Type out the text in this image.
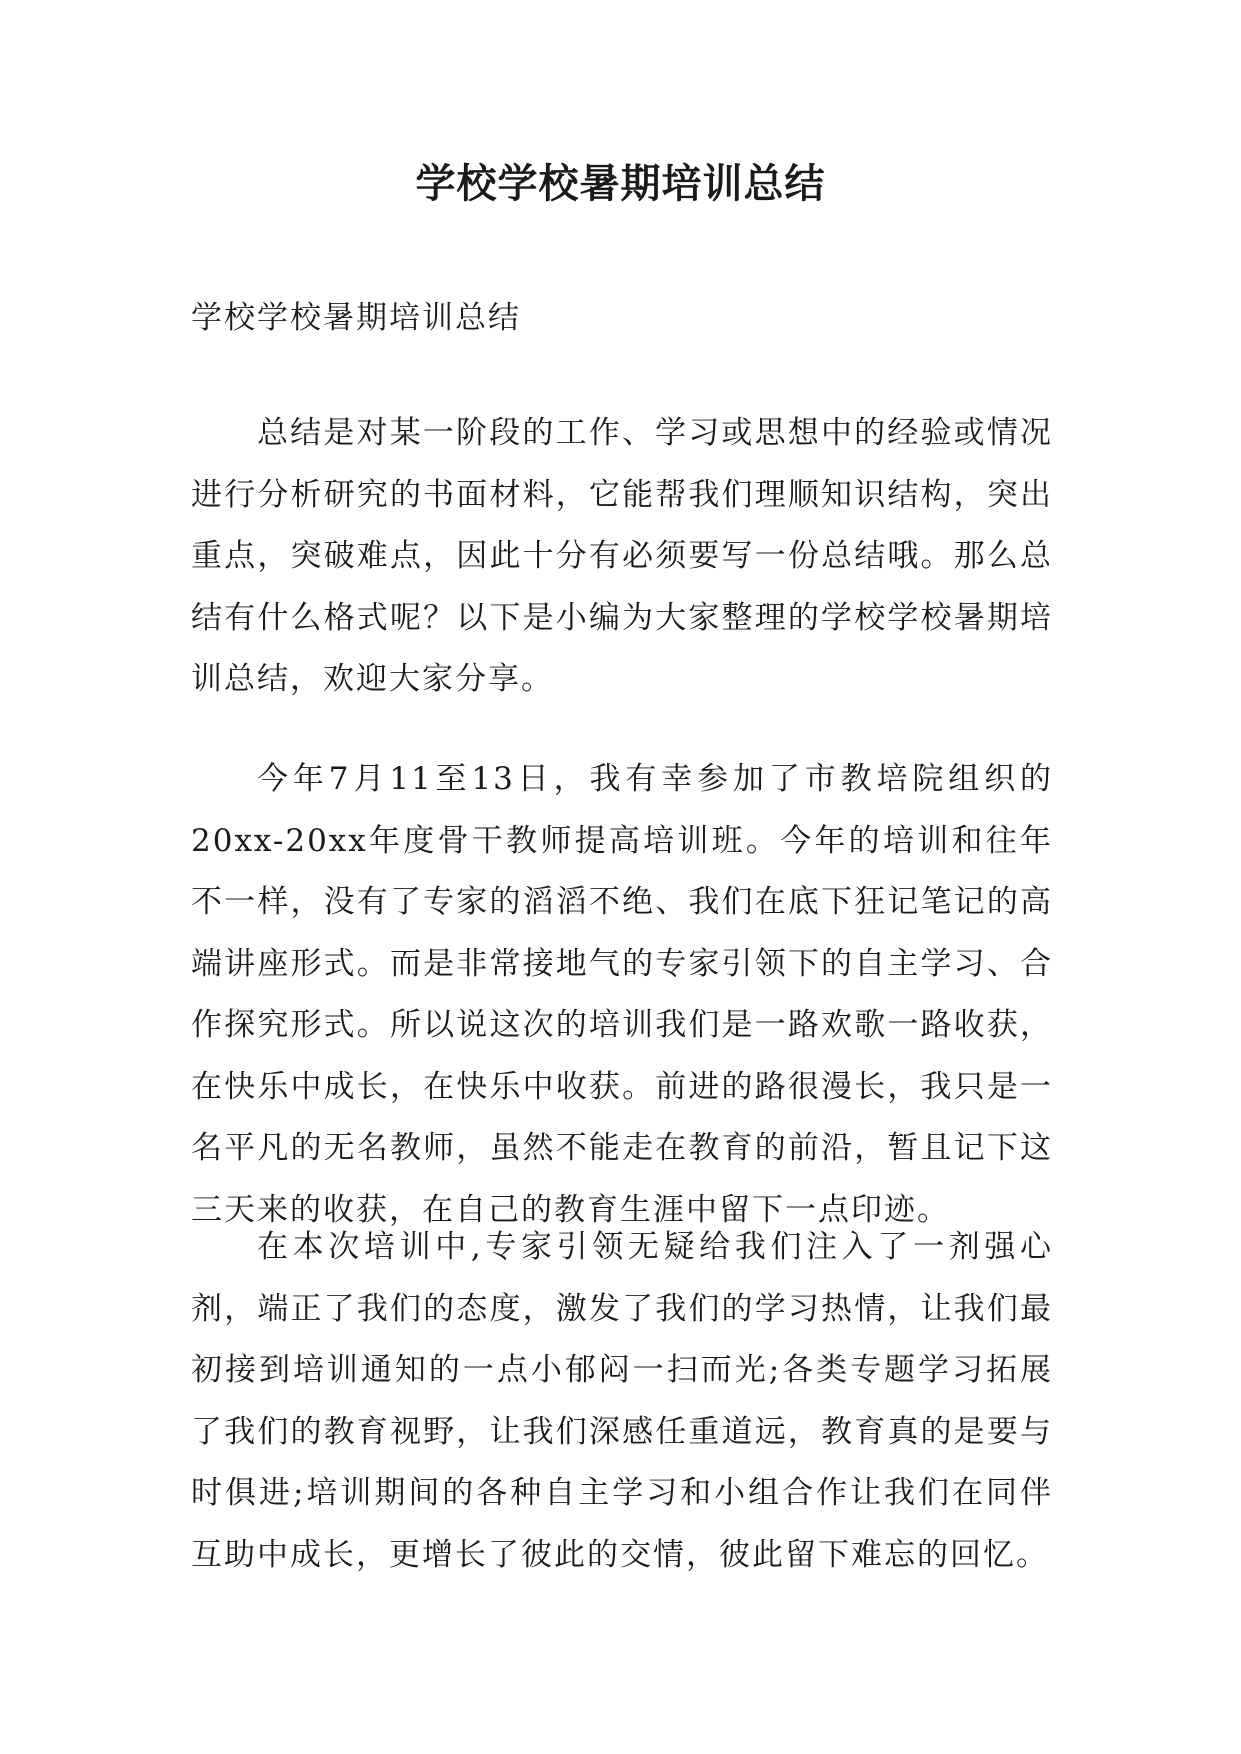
学校学校暑期培训总结

学校学校暑期培训总结

总结是对某一阶段的工作、学习或思想中的经验或情况进行分析研究的书面材料，它能帮我们理顺知识结构，突出重点，突破难点，因此十分有必须要写一份总结哦。那么总结有什么格式呢？以下是小编为大家整理的学校学校暑期培训总结，欢迎大家分享。

今年7月11至13日，我有幸参加了市教培院组织的20xx-20xx年度骨干教师提高培训班。今年的培训和往年不一样，没有了专家的滔滔不绝、我们在底下狂记笔记的高端讲座形式。而是非常接地气的专家引领下的自主学习、合作探究形式。所以说这次的培训我们是一路欢歌一路收获，在快乐中成长，在快乐中收获。前进的路很漫长，我只是一名平凡的无名教师，虽然不能走在教育的前沿，暂且记下这三天来的收获，在自己的教育生涯中留下一点印迹。

在本次培训中,专家引领无疑给我们注入了一剂强心剂，端正了我们的态度，激发了我们的学习热情，让我们最初接到培训通知的一点小郁闷一扫而光;各类专题学习拓展了我们的教育视野，让我们深感任重道远，教育真的是要与时俱进;培训期间的各种自主学习和小组合作让我们在同伴互助中成长，更增长了彼此的交情，彼此留下难忘的回忆。
